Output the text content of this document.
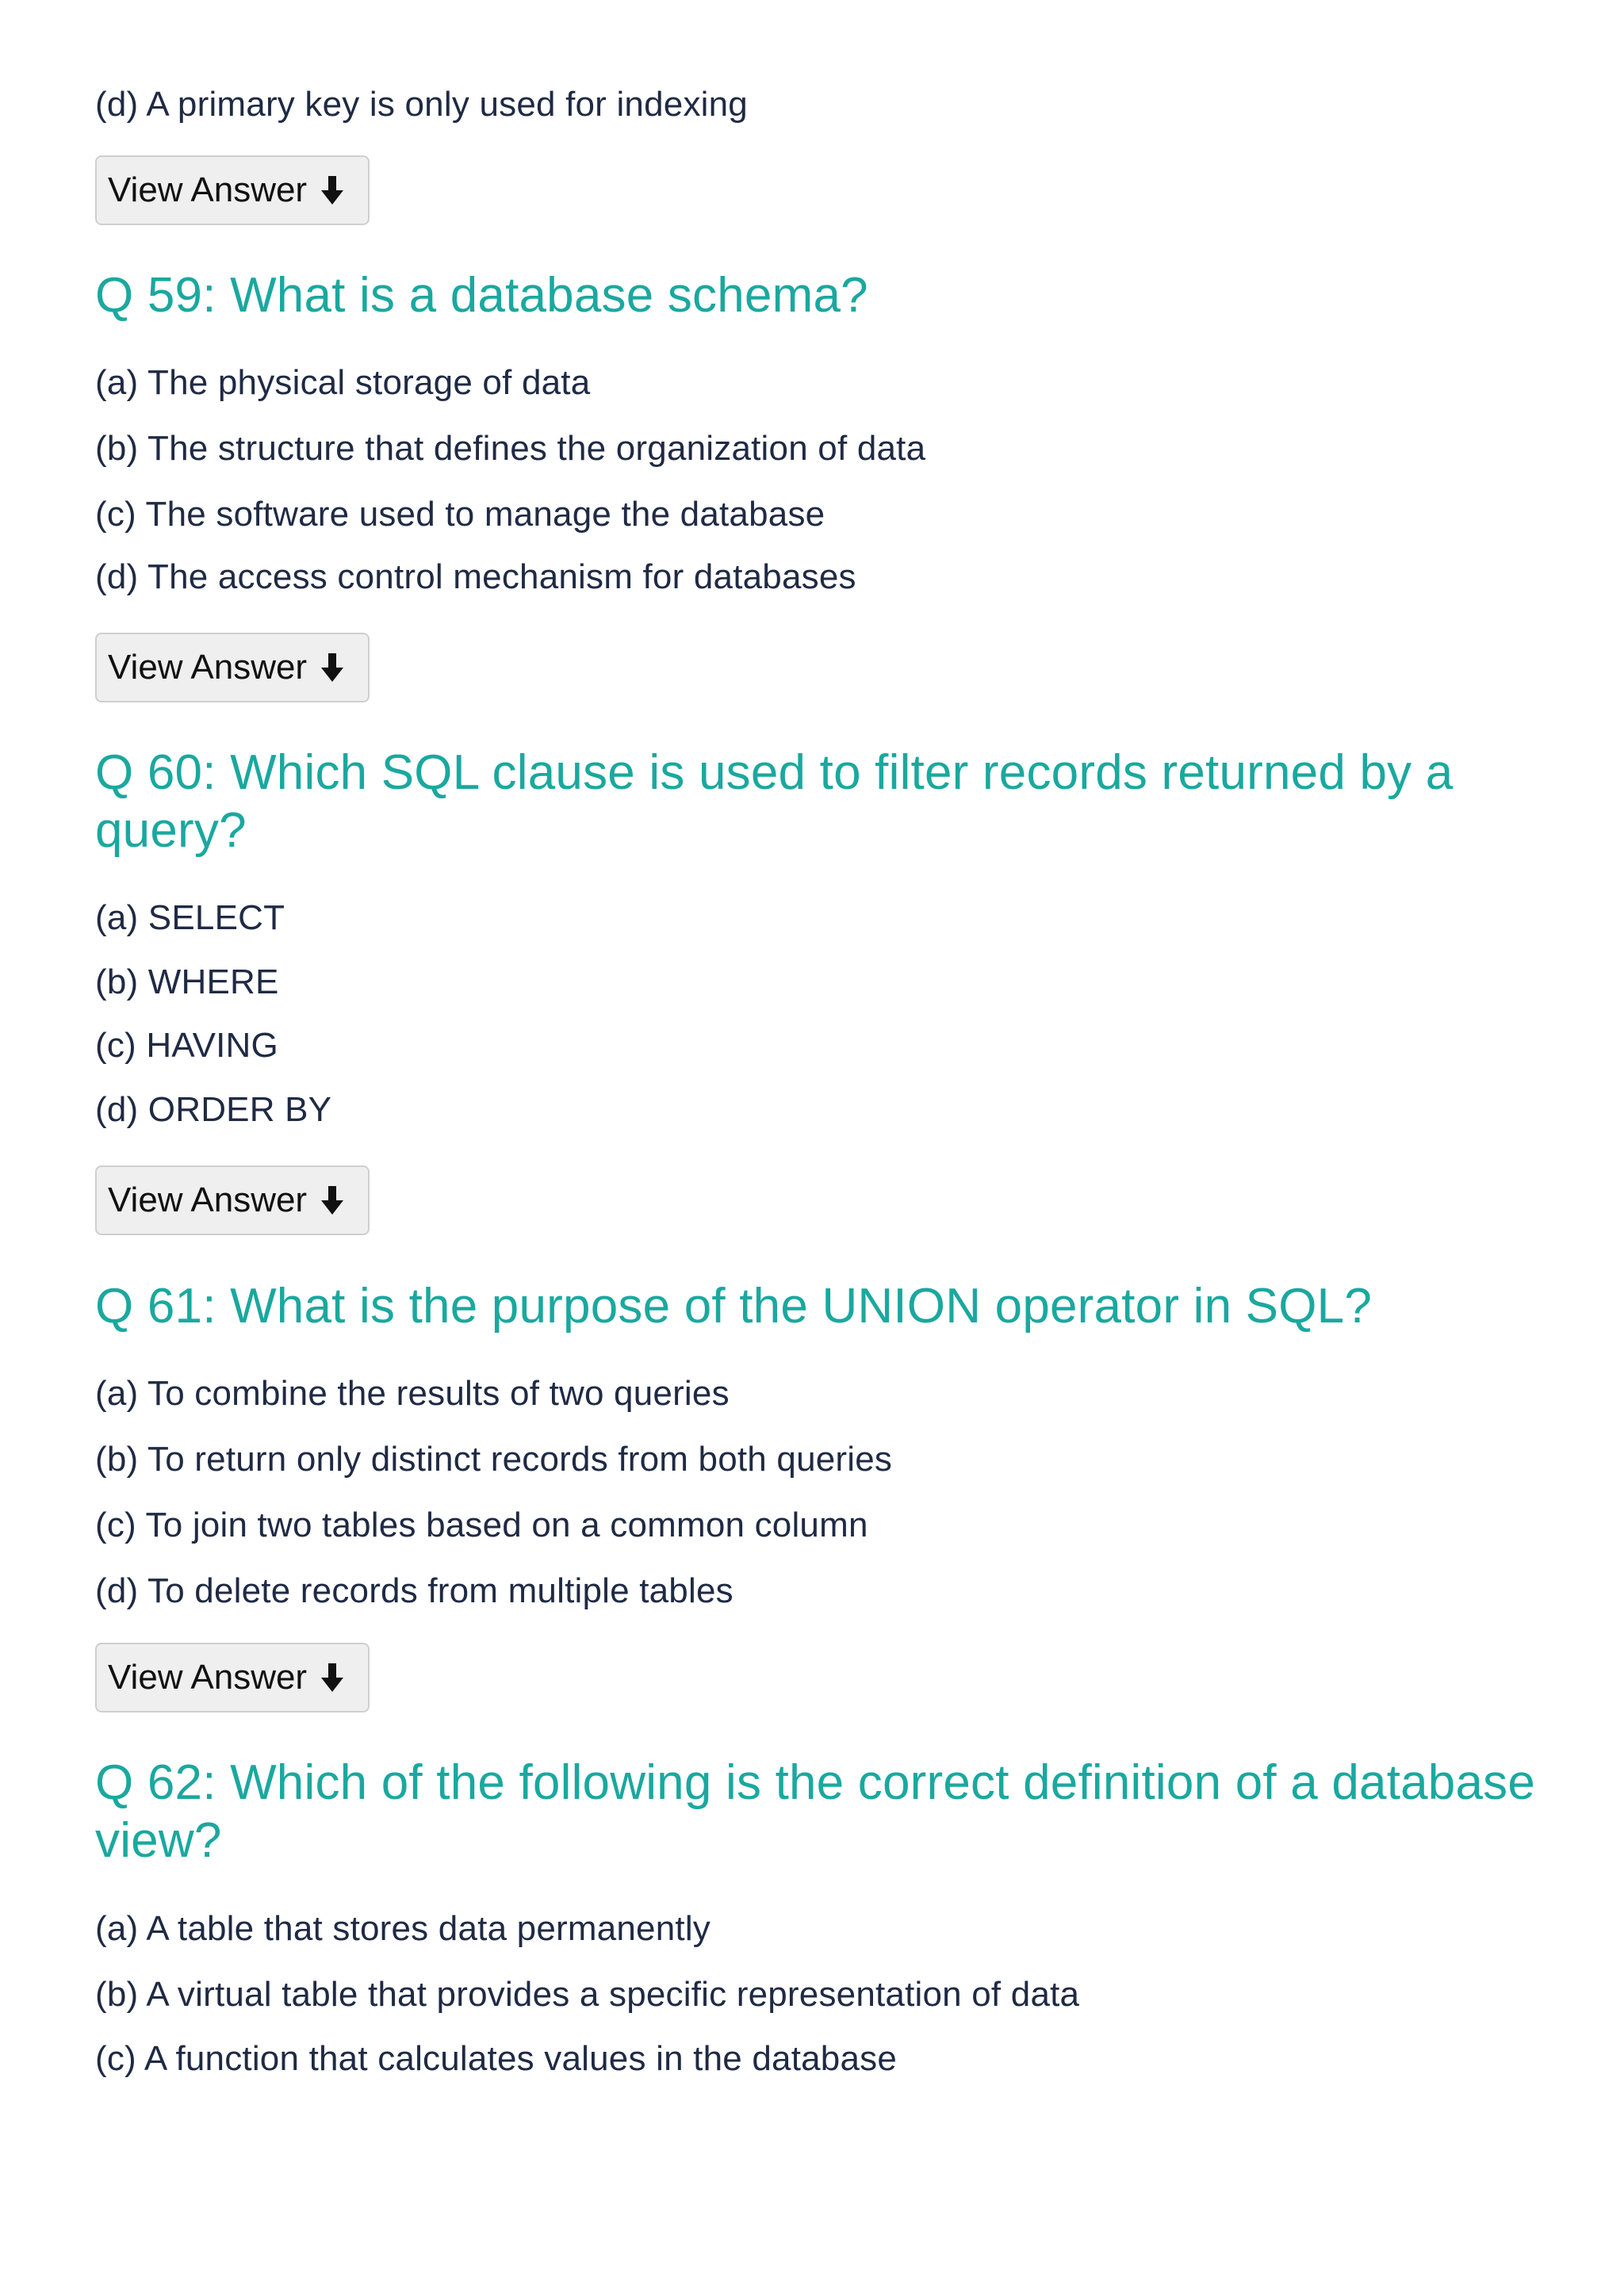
(d) A primary key is only used for indexing
View Answer
Q 59: What is a database schema?
(a) The physical storage of data
(b) The structure that defines the organization of data
(c) The software used to manage the database
(d) The access control mechanism for databases
View Answer
Q 60: Which SQL clause is used to filter records returned by a
query?
(a) SELECT
(b) WHERE
(c) HAVING
(d) ORDER BY
View Answer
Q 61: What is the purpose of the UNION operator in SQL?
(a) To combine the results of two queries
(b) To return only distinct records from both queries
(c) To join two tables based on a common column
(d) To delete records from multiple tables
View Answer
Q 62: Which of the following is the correct definition of a database
view?
(a) A table that stores data permanently
(b) A virtual table that provides a specific representation of data
(c) A function that calculates values in the database
